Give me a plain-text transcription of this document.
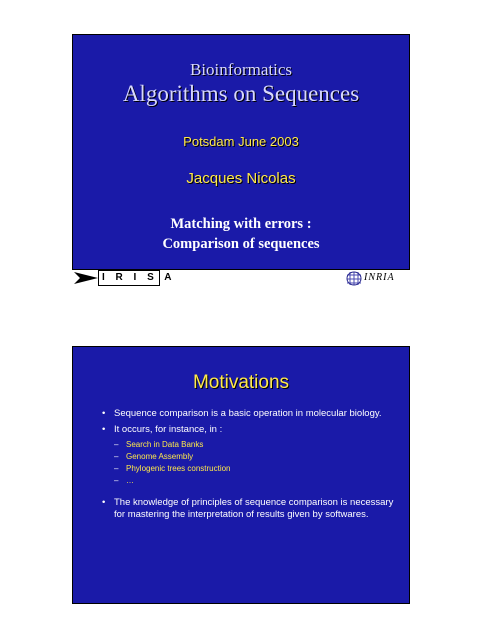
Bioinformatics
Algorithms on Sequences
Potsdam June 2003
Jacques Nicolas
Matching with errors :
Comparison of sequences
I R I S A	INRIA
Motivations
• Sequence comparison is a basic operation in molecular biology.
• It occurs, for instance, in :
– Search in Data Banks
– Genome Assembly
– Phylogenic trees construction
– …
• The knowledge of principles of sequence comparison is necessary for mastering the interpretation of results given by softwares.
